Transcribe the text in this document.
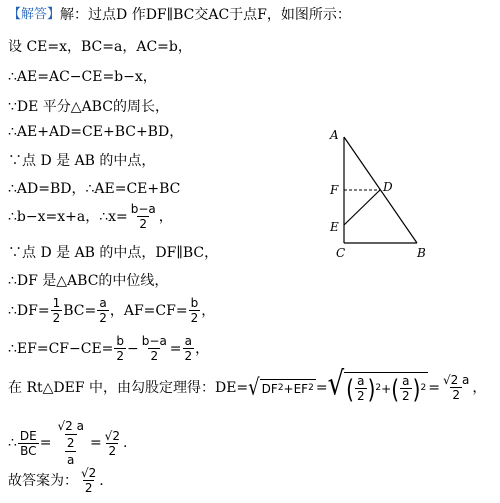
【解答】 解：过点D 作DF∥BC交AC于点F，如图所示：
设 CE=x，BC=a，AC=b，
∴AE=AC−CE=b−x，
∵DE 平分△ABC的周长，
∴AE+AD=CE+BC+BD，
∵点 D 是 AB 的中点，
∴AD=BD，∴AE=CE+BC
∴b−x=x+a，∴x= $\frac{b-a}{2}$ ，
∵点 D 是 AB 的中点，DF∥BC，
∴DF 是△ABC的中位线，
∴DF= $\frac{1}{2} BC= \frac{a}{2}$ ，$AF=CF= \frac{b}{2}$ ，
∴EF=CF−CE= $\frac{b}{2} - \frac{b-a}{2} = \frac{a}{2}$ ，
在 Rt△DEF 中，由勾股定理得：DE= √ DF 2 +EF 2 = √ ( $\frac{a}{2}$ ) 2 + ( $\frac{a}{2}$ ) $2 = \frac{√2 a}{2}$ ，
∴ $\frac{DE}{BC} = \frac{\frac{√2 a}{2}}{a} = \frac{√2}{2}$ .
故答案为： $\frac{√2}{2}$ .
A
F	D
E
C	B
